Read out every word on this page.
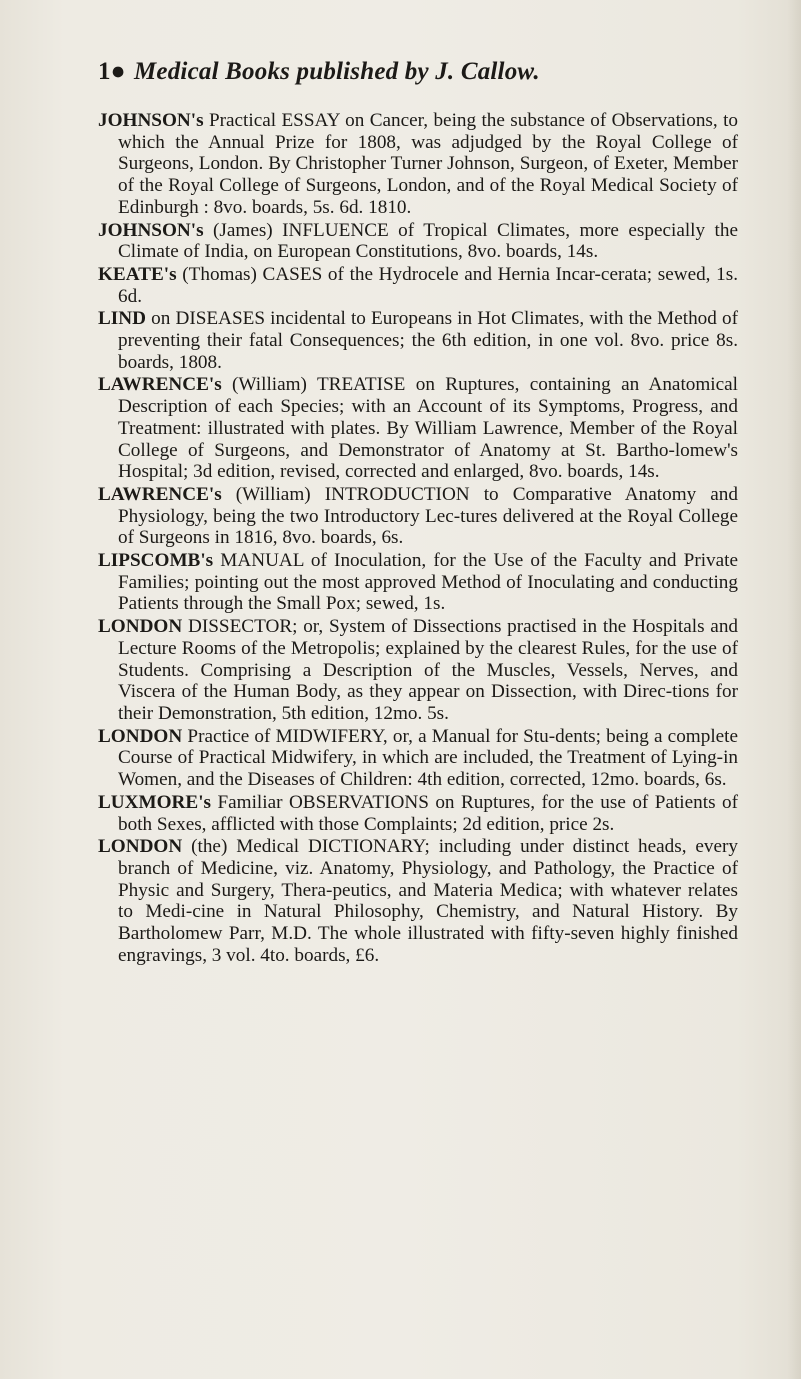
1● Medical Books published by J. Callow.

JOHNSON's Practical ESSAY on Cancer, being the substance of Observations, to which the Annual Prize for 1808, was adjudged by the Royal College of Surgeons, London. By Christopher Turner Johnson, Surgeon, of Exeter, Member of the Royal College of Surgeons, London, and of the Royal Medical Society of Edinburgh : 8vo. boards, 5s. 6d. 1810.

JOHNSON's (James) INFLUENCE of Tropical Climates, more especially the Climate of India, on European Constitutions, 8vo. boards, 14s.

KEATE's (Thomas) CASES of the Hydrocele and Hernia Incar-cerata; sewed, 1s. 6d.

LIND on DISEASES incidental to Europeans in Hot Climates, with the Method of preventing their fatal Consequences; the 6th edition, in one vol. 8vo. price 8s. boards, 1808.

LAWRENCE's (William) TREATISE on Ruptures, containing an Anatomical Description of each Species; with an Account of its Symptoms, Progress, and Treatment: illustrated with plates. By William Lawrence, Member of the Royal College of Surgeons, and Demonstrator of Anatomy at St. Bartho-lomew's Hospital; 3d edition, revised, corrected and enlarged, 8vo. boards, 14s.

LAWRENCE's (William) INTRODUCTION to Comparative Anatomy and Physiology, being the two Introductory Lec-tures delivered at the Royal College of Surgeons in 1816, 8vo. boards, 6s.

LIPSCOMB's MANUAL of Inoculation, for the Use of the Faculty and Private Families; pointing out the most approved Method of Inoculating and conducting Patients through the Small Pox; sewed, 1s.

LONDON DISSECTOR; or, System of Dissections practised in the Hospitals and Lecture Rooms of the Metropolis; explained by the clearest Rules, for the use of Students. Comprising a Description of the Muscles, Vessels, Nerves, and Viscera of the Human Body, as they appear on Dissection, with Direc-tions for their Demonstration, 5th edition, 12mo. 5s.

LONDON Practice of MIDWIFERY, or, a Manual for Stu-dents; being a complete Course of Practical Midwifery, in which are included, the Treatment of Lying-in Women, and the Diseases of Children: 4th edition, corrected, 12mo. boards, 6s.

LUXMORE's Familiar OBSERVATIONS on Ruptures, for the use of Patients of both Sexes, afflicted with those Complaints; 2d edition, price 2s.

LONDON (the) Medical DICTIONARY; including under distinct heads, every branch of Medicine, viz. Anatomy, Physiology, and Pathology, the Practice of Physic and Surgery, Thera-peutics, and Materia Medica; with whatever relates to Medi-cine in Natural Philosophy, Chemistry, and Natural History. By Bartholomew Parr, M.D. The whole illustrated with fifty-seven highly finished engravings, 3 vol. 4to. boards, £6.
